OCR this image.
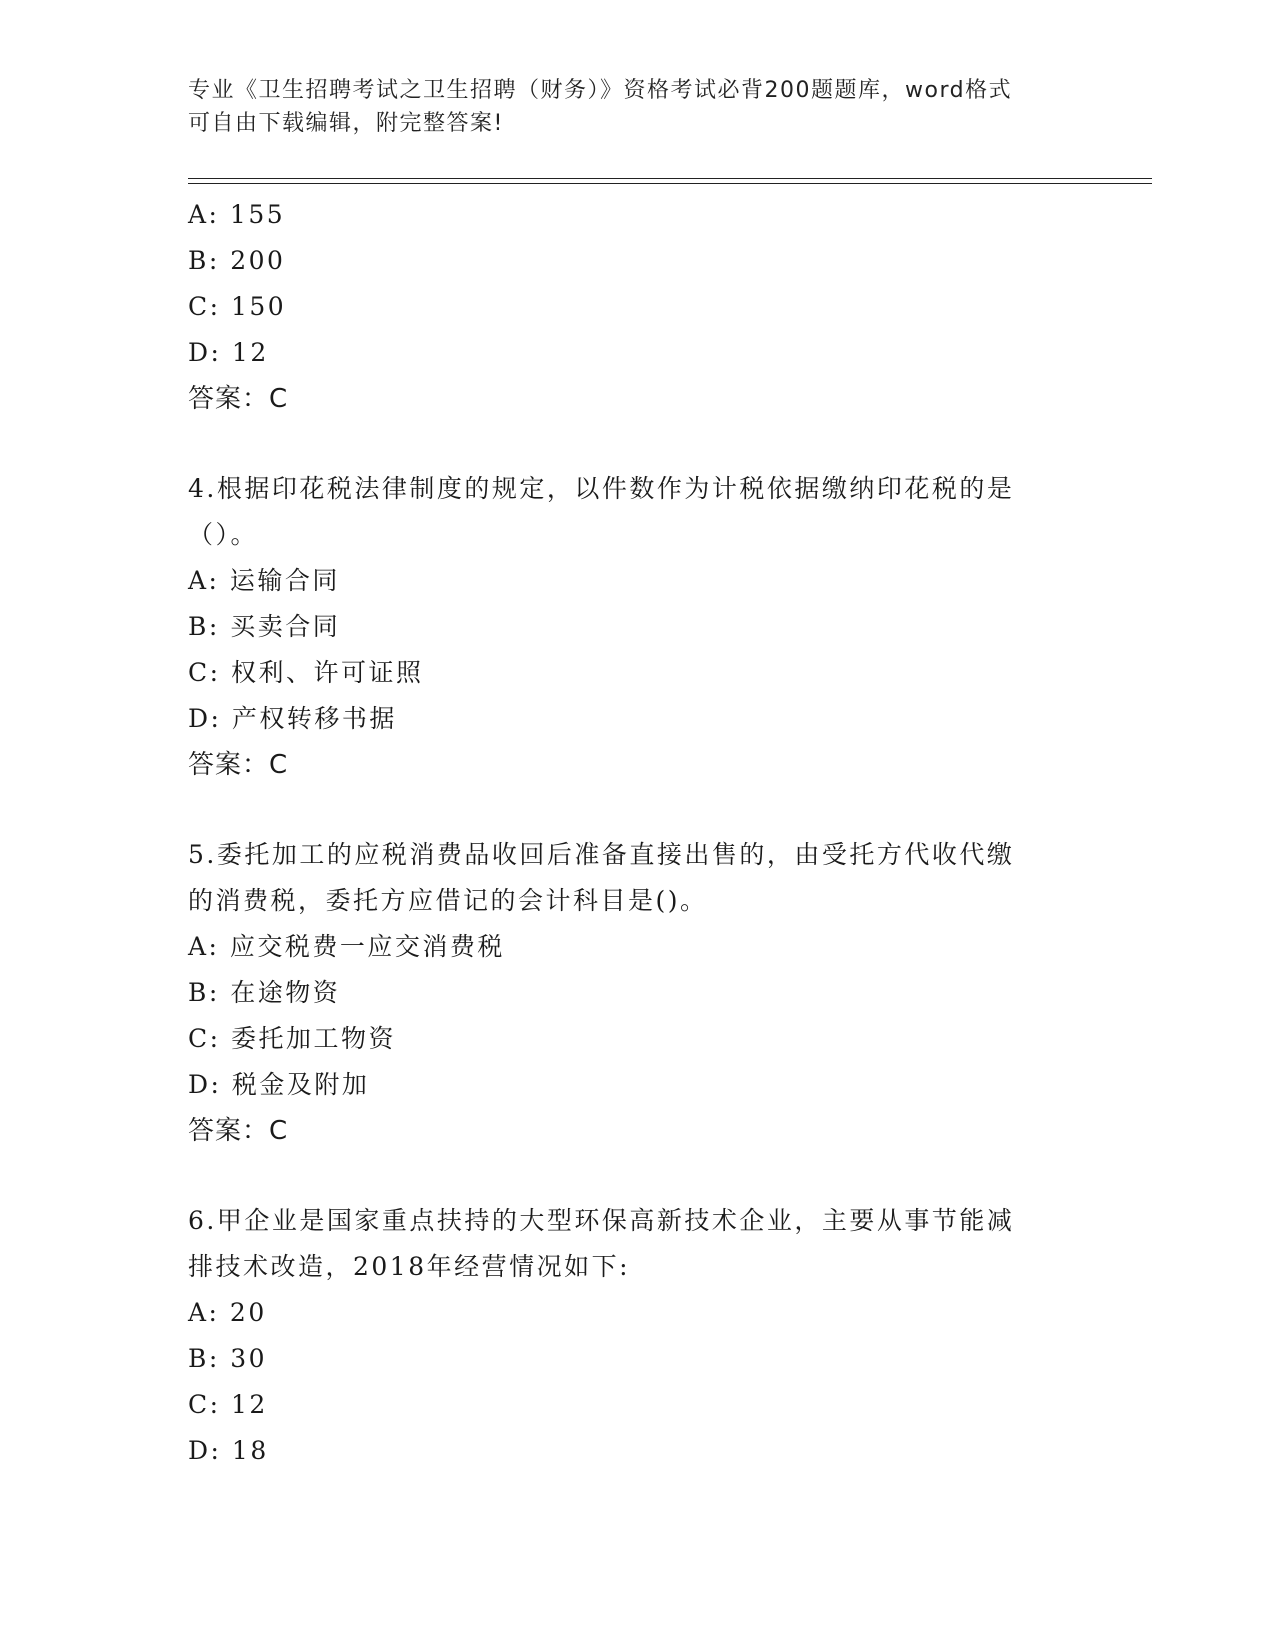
专业《卫生招聘考试之卫生招聘（财务）》资格考试必背200题题库，word格式
可自由下载编辑，附完整答案!
A: 155
B: 200
C: 150
D: 12
答案：C
4.根据印花税法律制度的规定，以件数作为计税依据缴纳印花税的是
（）。
A: 运输合同
B: 买卖合同
C: 权利、许可证照
D: 产权转移书据
答案：C
5.委托加工的应税消费品收回后准备直接出售的，由受托方代收代缴
的消费税，委托方应借记的会计科目是()。
A: 应交税费一应交消费税
B: 在途物资
C: 委托加工物资
D: 税金及附加
答案：C
6.甲企业是国家重点扶持的大型环保高新技术企业，主要从事节能减
排技术改造，2018年经营情况如下:
A: 20
B: 30
C: 12
D: 18
